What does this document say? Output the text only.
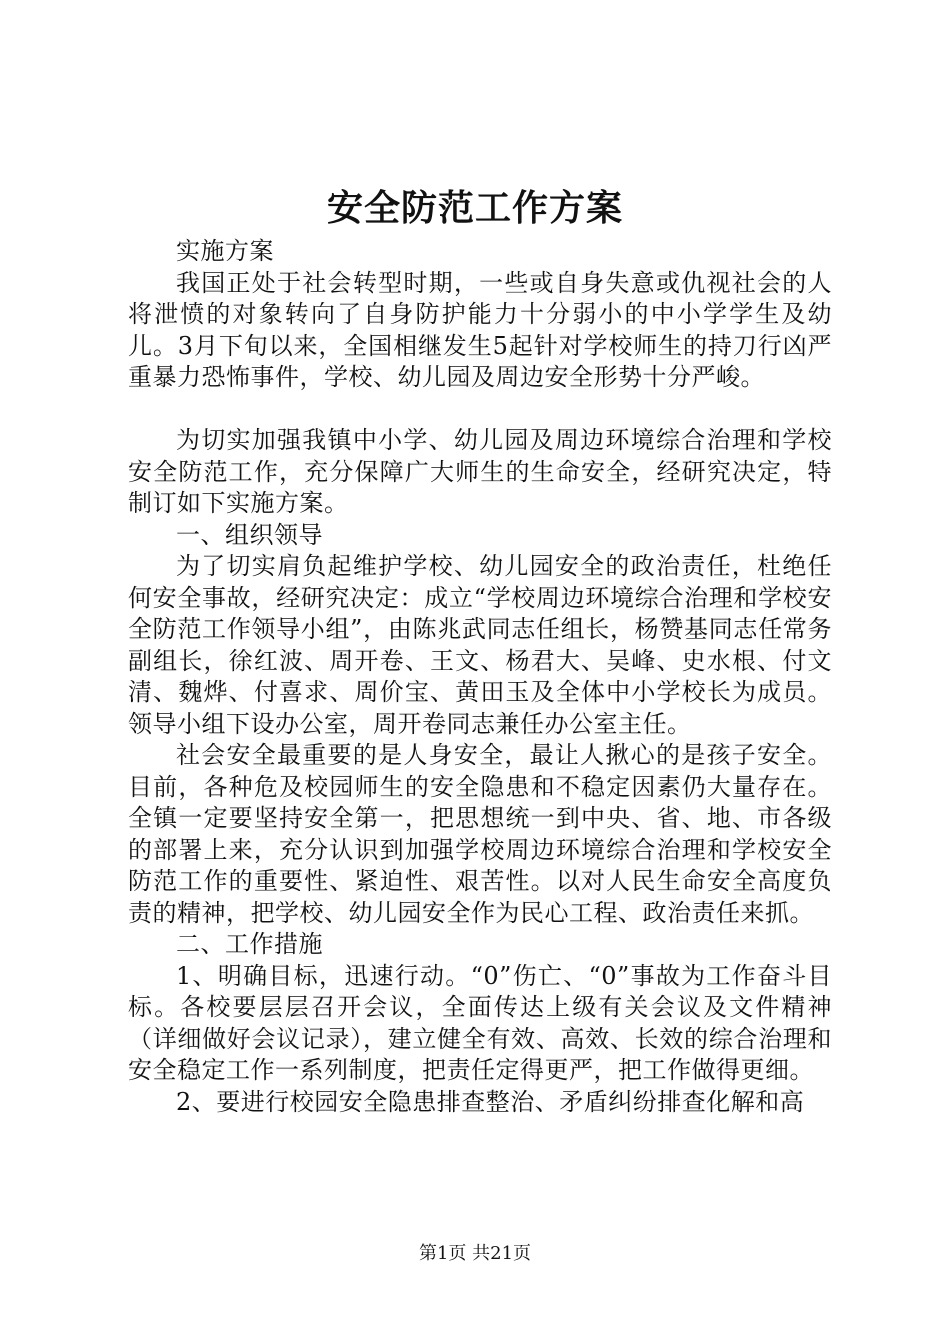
安全防范工作方案

实施方案

我国正处于社会转型时期，一些或自身失意或仇视社会的人将泄愤的对象转向了自身防护能力十分弱小的中小学学生及幼儿。3月下旬以来，全国相继发生5起针对学校师生的持刀行凶严重暴力恐怖事件，学校、幼儿园及周边安全形势十分严峻。

为切实加强我镇中小学、幼儿园及周边环境综合治理和学校安全防范工作，充分保障广大师生的生命安全，经研究决定，特制订如下实施方案。

一、组织领导

为了切实肩负起维护学校、幼儿园安全的政治责任，杜绝任何安全事故，经研究决定：成立“学校周边环境综合治理和学校安全防范工作领导小组”，由陈兆武同志任组长，杨赞基同志任常务副组长，徐红波、周开卷、王文、杨君大、吴峰、史水根、付文清、魏烨、付喜求、周价宝、黄田玉及全体中小学校长为成员。领导小组下设办公室，周开卷同志兼任办公室主任。

社会安全最重要的是人身安全，最让人揪心的是孩子安全。目前，各种危及校园师生的安全隐患和不稳定因素仍大量存在。全镇一定要坚持安全第一，把思想统一到中央、省、地、市各级的部署上来，充分认识到加强学校周边环境综合治理和学校安全防范工作的重要性、紧迫性、艰苦性。以对人民生命安全高度负责的精神，把学校、幼儿园安全作为民心工程、政治责任来抓。

二、工作措施

1、明确目标，迅速行动。“0”伤亡、“0”事故为工作奋斗目标。各校要层层召开会议，全面传达上级有关会议及文件精神（详细做好会议记录），建立健全有效、高效、长效的综合治理和安全稳定工作一系列制度，把责任定得更严，把工作做得更细。

2、要进行校园安全隐患排查整治、矛盾纠纷排查化解和高

第1页 共21页
